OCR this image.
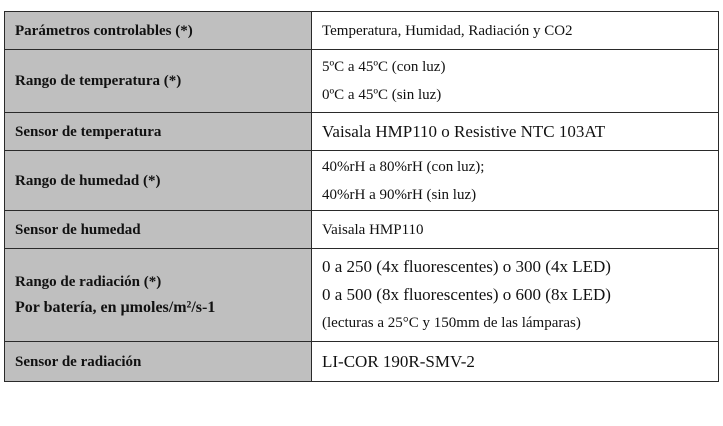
Parámetros controlables (*)	Temperatura, Humidad, Radiación y CO2

Rango de temperatura (*)	5ºC a 45ºC (con luz)
0ºC a 45ºC (sin luz)

Sensor de temperatura	Vaisala HMP110 o Resistive NTC 103AT

Rango de humedad (*)	40%rH a 80%rH (con luz);
40%rH a 90%rH (sin luz)

Sensor de humedad	Vaisala HMP110

Rango de radiación (*)
Por batería, en µmoles/m²/s-1	0 a 250 (4x fluorescentes) o 300 (4x LED)
0 a 500 (8x fluorescentes) o 600 (8x LED)
(lecturas a 25°C y 150mm de las lámparas)

Sensor de radiación	LI-COR 190R-SMV-2
